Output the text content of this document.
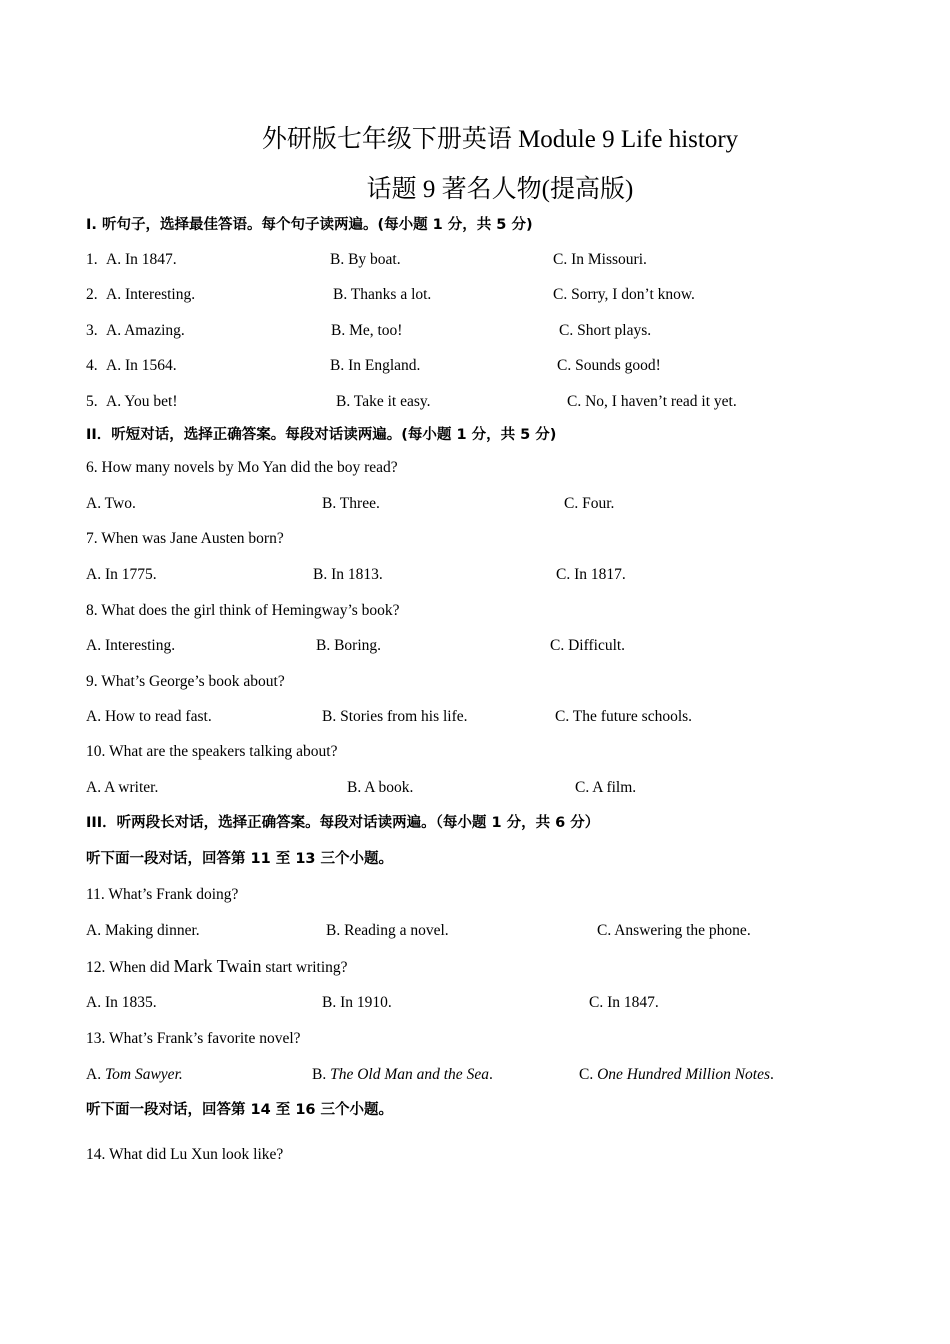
外研版七年级下册英语 Module 9 Life history
话题 9 著名人物(提高版)
I. 听句子，选择最佳答语。每个句子读两遍。(每小题 1 分，共 5 分)
1. A. In 1847.	B. By boat.	C. In Missouri.
2. A. Interesting.	B. Thanks a lot.	C. Sorry, I don’t know.
3. A. Amazing.	B. Me, too!	C. Short plays.
4. A. In 1564.	B. In England.	C. Sounds good!
5. A. You bet!	B. Take it easy.	C. No, I haven’t read it yet.
II．听短对话，选择正确答案。每段对话读两遍。(每小题 1 分，共 5 分)
6. How many novels by Mo Yan did the boy read?
A. Two.	B. Three.	C. Four.
7. When was Jane Austen born?
A. In 1775.	B. In 1813.	C. In 1817.
8. What does the girl think of Hemingway’s book?
A. Interesting.	B. Boring.	C. Difficult.
9. What’s George’s book about?
A. How to read fast.	B. Stories from his life.	C. The future schools.
10. What are the speakers talking about?
A. A writer.	B. A book.	C. A film.
III．听两段长对话，选择正确答案。每段对话读两遍。（每小题 1 分，共 6 分）
听下面一段对话，回答第 11 至 13 三个小题。
11. What’s Frank doing?
A. Making dinner.	B. Reading a novel.	C. Answering the phone.
12. When did Mark Twain start writing?
A. In 1835.	B. In 1910.	C. In 1847.
13. What’s Frank’s favorite novel?
A. Tom Sawyer.	B. The Old Man and the Sea.	C. One Hundred Million Notes.
听下面一段对话，回答第 14 至 16 三个小题。
14. What did Lu Xun look like?
